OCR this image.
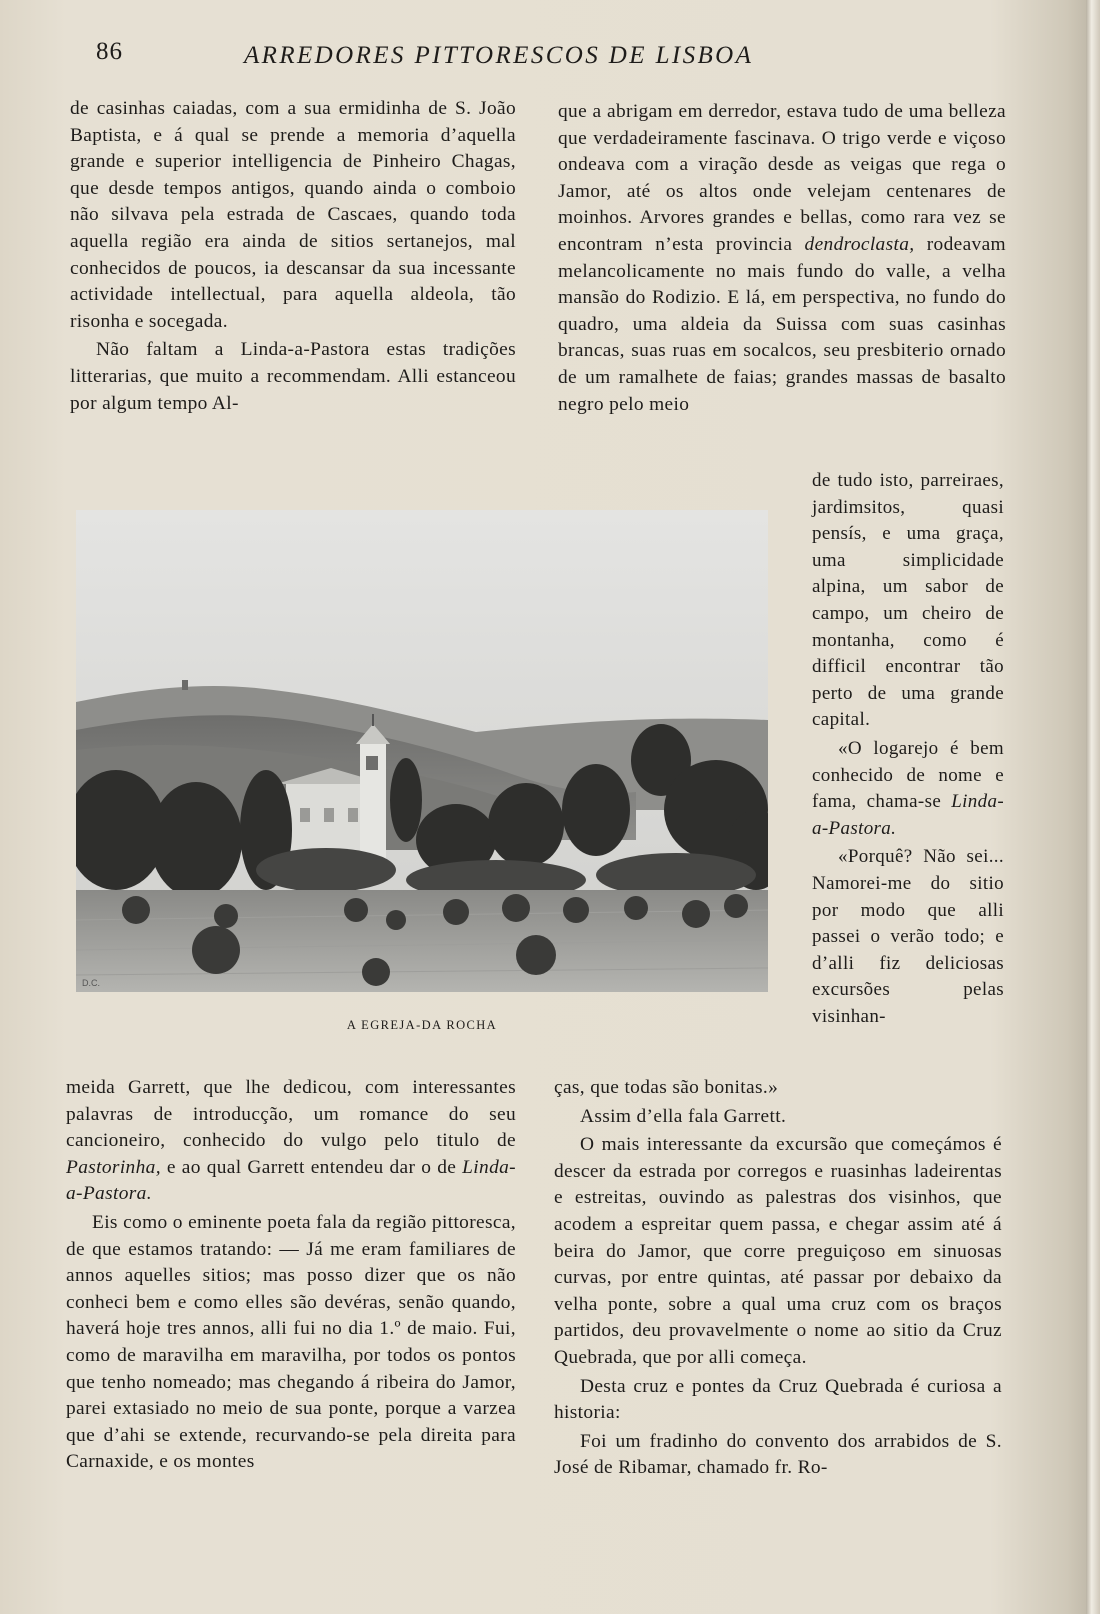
86	ARREDORES PITTORESCOS DE LISBOA

de casinhas caiadas, com a sua ermidinha de S. João Baptista, e á qual se prende a memoria d’aquella grande e superior intelligencia de Pinheiro Chagas, que desde tempos antigos, quando ainda o comboio não silvava pela estrada de Cascaes, quando toda aquella região era ainda de sitios sertanejos, mal conhecidos de poucos, ia descansar da sua incessante actividade intellectual, para aquella aldeola, tão risonha e socegada.

Não faltam a Linda-a-Pastora estas tradições litterarias, que muito a recommendam. Alli estanceou por algum tempo Al-

D.C.
A EGREJA-DA ROCHA

meida Garrett, que lhe dedicou, com interessantes palavras de introducção, um romance do seu cancioneiro, conhecido do vulgo pelo titulo de Pastorinha, e ao qual Garrett entendeu dar o de Linda-a-Pastora.

Eis como o eminente poeta fala da região pittoresca, de que estamos tratando: — Já me eram familiares de annos aquelles sitios; mas posso dizer que os não conheci bem e como elles são devéras, senão quando, haverá hoje tres annos, alli fui no dia 1.º de maio. Fui, como de maravilha em maravilha, por todos os pontos que tenho nomeado; mas chegando á ribeira do Jamor, parei extasiado no meio de sua ponte, porque a varzea que d’ahi se extende, recurvando-se pela direita para Carnaxide, e os montes

que a abrigam em derredor, estava tudo de uma belleza que verdadeiramente fascinava. O trigo verde e viçoso ondeava com a viração desde as veigas que rega o Jamor, até os altos onde velejam centenares de moinhos. Arvores grandes e bellas, como rara vez se encontram n’esta provincia dendroclasta, rodeavam melancolicamente no mais fundo do valle, a velha mansão do Rodizio. E lá, em perspectiva, no fundo do quadro, uma aldeia da Suissa com suas casinhas brancas, suas ruas em socalcos, seu presbiterio ornado de um ramalhete de faias; grandes massas de basalto negro pelo meio

de tudo isto, parreiraes, jardimsitos, quasi pensís, e uma graça, uma simplicidade alpina, um sabor de campo, um cheiro de montanha, como é difficil encontrar tão perto de uma grande capital.

«O logarejo é bem conhecido de nome e fama, chama-se Linda-a-Pastora.

«Porquê? Não sei... Namorei-me do sitio por modo que alli passei o verão todo; e d’alli fiz deliciosas excursões pelas visinhan-

ças, que todas são bonitas.»

Assim d’ella fala Garrett.

O mais interessante da excursão que começámos é descer da estrada por corregos e ruasinhas ladeirentas e estreitas, ouvindo as palestras dos visinhos, que acodem a espreitar quem passa, e chegar assim até á beira do Jamor, que corre preguiçoso em sinuosas curvas, por entre quintas, até passar por debaixo da velha ponte, sobre a qual uma cruz com os braços partidos, deu provavelmente o nome ao sitio da Cruz Quebrada, que por alli começa.

Desta cruz e pontes da Cruz Quebrada é curiosa a historia:

Foi um fradinho do convento dos arrabidos de S. José de Ribamar, chamado fr. Ro-
